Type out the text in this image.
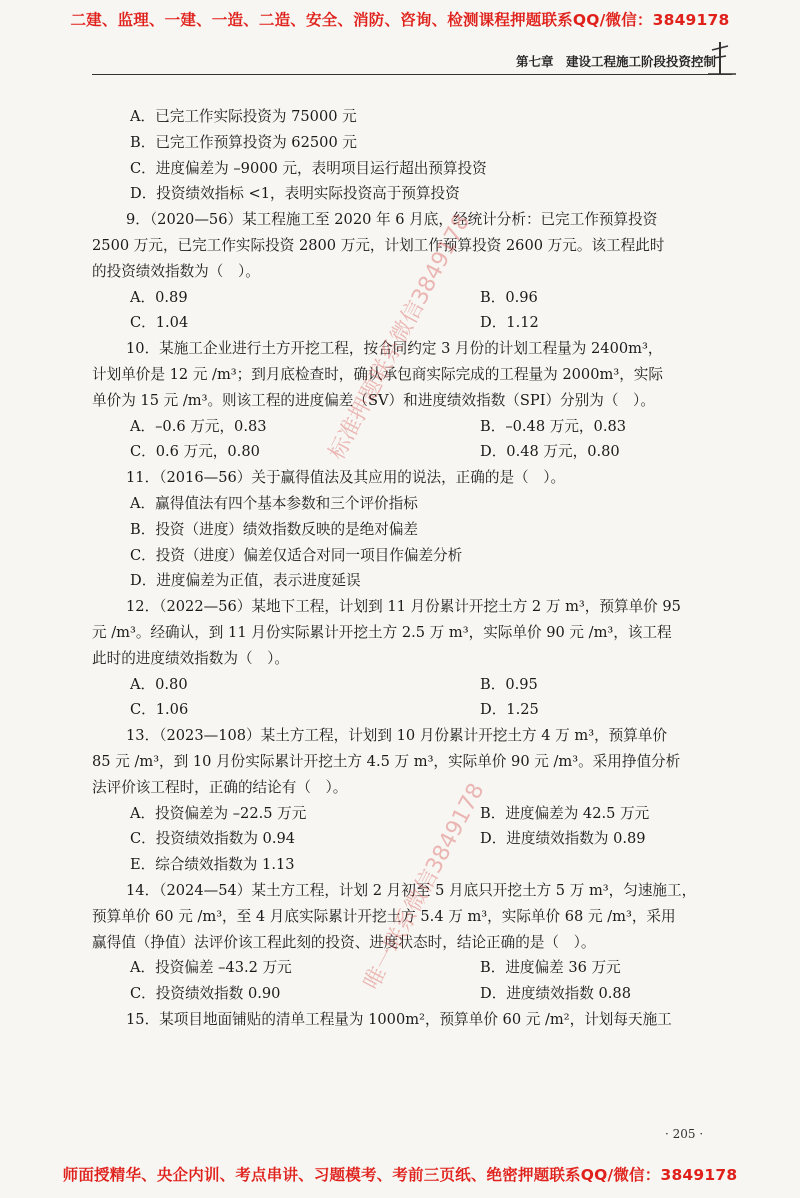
二建、监理、一建、一造、二造、安全、消防、咨询、检测课程押题联系QQ/微信：3849178
第七章　建设工程施工阶段投资控制
A．已完工作实际投资为 75000 元
B．已完工作预算投资为 62500 元
C．进度偏差为 –9000 元，表明项目运行超出预算投资
D．投资绩效指标 <1，表明实际投资高于预算投资
9．（2020—56）某工程施工至 2020 年 6 月底，经统计分析：已完工作预算投资
2500 万元，已完工作实际投资 2800 万元，计划工作预算投资 2600 万元。该工程此时
的投资绩效指数为（　）。
A．0.89	B．0.96
C．1.04	D．1.12
10．某施工企业进行土方开挖工程，按合同约定 3 月份的计划工程量为 2400m³，
计划单价是 12 元 /m³；到月底检查时，确认承包商实际完成的工程量为 2000m³，实际
单价为 15 元 /m³。则该工程的进度偏差（SV）和进度绩效指数（SPI）分别为（　）。
A．–0.6 万元，0.83	B．–0.48 万元，0.83
C．0.6 万元，0.80	D．0.48 万元，0.80
11．（2016—56）关于赢得值法及其应用的说法，正确的是（　）。
A．赢得值法有四个基本参数和三个评价指标
B．投资（进度）绩效指数反映的是绝对偏差
C．投资（进度）偏差仅适合对同一项目作偏差分析
D．进度偏差为正值，表示进度延误
12．（2022—56）某地下工程，计划到 11 月份累计开挖土方 2 万 m³，预算单价 95
元 /m³。经确认，到 11 月份实际累计开挖土方 2.5 万 m³，实际单价 90 元 /m³，该工程
此时的进度绩效指数为（　）。
A．0.80	B．0.95
C．1.06	D．1.25
13．（2023—108）某土方工程，计划到 10 月份累计开挖土方 4 万 m³，预算单价
85 元 /m³，到 10 月份实际累计开挖土方 4.5 万 m³，实际单价 90 元 /m³。采用挣值分析
法评价该工程时，正确的结论有（　）。
A．投资偏差为 –22.5 万元	B．进度偏差为 42.5 万元
C．投资绩效指数为 0.94	D．进度绩效指数为 0.89
E．综合绩效指数为 1.13
14．（2024—54）某土方工程，计划 2 月初至 5 月底只开挖土方 5 万 m³，匀速施工，
预算单价 60 元 /m³，至 4 月底实际累计开挖土方 5.4 万 m³，实际单价 68 元 /m³，采用
赢得值（挣值）法评价该工程此刻的投资、进度状态时，结论正确的是（　）。
A．投资偏差 –43.2 万元	B．进度偏差 36 万元
C．投资绩效指数 0.90	D．进度绩效指数 0.88
15．某项目地面铺贴的清单工程量为 1000m²，预算单价 60 元 /m²，计划每天施工
标准押题联系微信3849178
唯一联系微信3849178
· 205 ·
师面授精华、央企内训、考点串讲、习题模考、考前三页纸、绝密押题联系QQ/微信：3849178
